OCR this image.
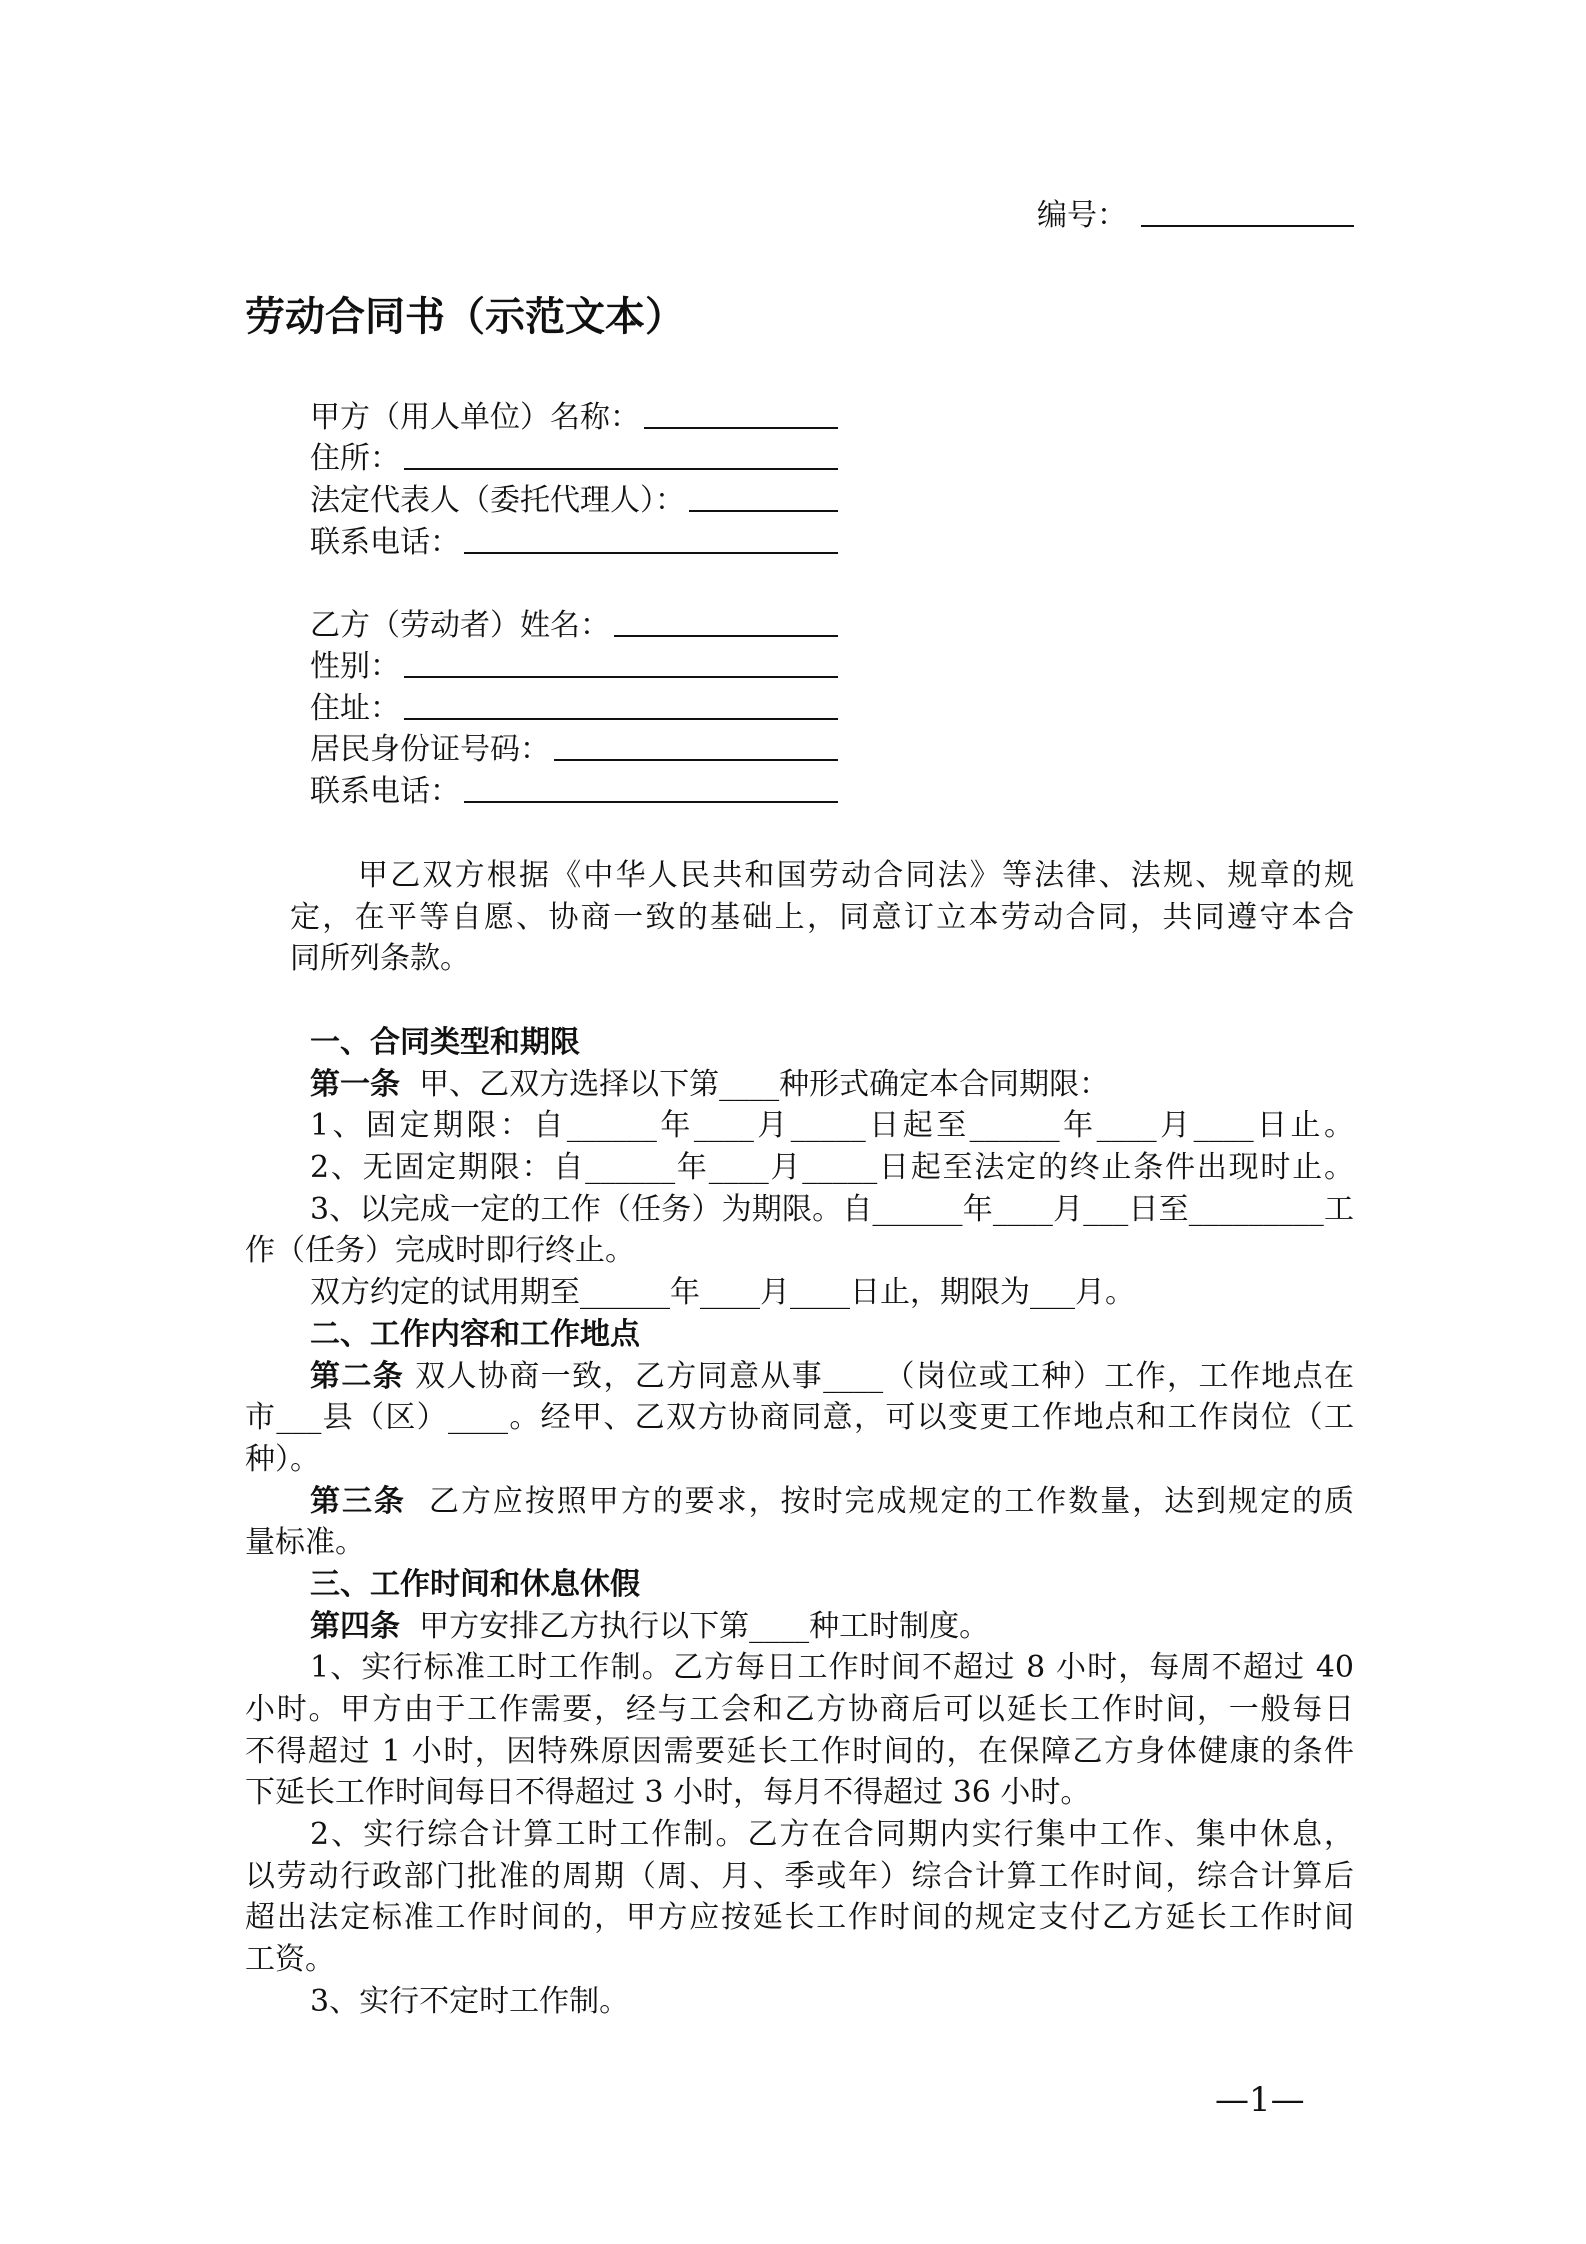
编号：
劳动合同书（示范文本）
甲方（用人单位）名称：
住所：
法定代表人（委托代理人）：
联系电话：
乙方（劳动者）姓名：
性别：
住址：
居民身份证号码：
联系电话：
甲乙双方根据《中华人民共和国劳动合同法》等法律、法规、规章的规
定，在平等自愿、协商一致的基础上，同意订立本劳动合同，共同遵守本合
同所列条款。
一、合同类型和期限
第一条 甲、乙双方选择以下第____种形式确定本合同期限：
1、固定期限：自______年____月_____日起至______年____月____日止。
2、无固定期限：自______年____月_____日起至法定的终止条件出现时止。
3、以完成一定的工作（任务）为期限。自______年____月___日至_________工
作（任务）完成时即行终止。
双方约定的试用期至______年____月____日止，期限为___月。
二、工作内容和工作地点
第二条 双人协商一致，乙方同意从事____（岗位或工种）工作，工作地点在
市___县（区）____。经甲、乙双方协商同意，可以变更工作地点和工作岗位（工
种）。
第三条 乙方应按照甲方的要求，按时完成规定的工作数量，达到规定的质
量标准。
三、工作时间和休息休假
第四条 甲方安排乙方执行以下第____种工时制度。
1、实行标准工时工作制。乙方每日工作时间不超过 8 小时，每周不超过 40
小时。甲方由于工作需要，经与工会和乙方协商后可以延长工作时间，一般每日
不得超过 1 小时，因特殊原因需要延长工作时间的，在保障乙方身体健康的条件
下延长工作时间每日不得超过 3 小时，每月不得超过 36 小时。
2、实行综合计算工时工作制。乙方在合同期内实行集中工作、集中休息，
以劳动行政部门批准的周期（周、月、季或年）综合计算工作时间，综合计算后
超出法定标准工作时间的，甲方应按延长工作时间的规定支付乙方延长工作时间
工资。
3、实行不定时工作制。
—1—
